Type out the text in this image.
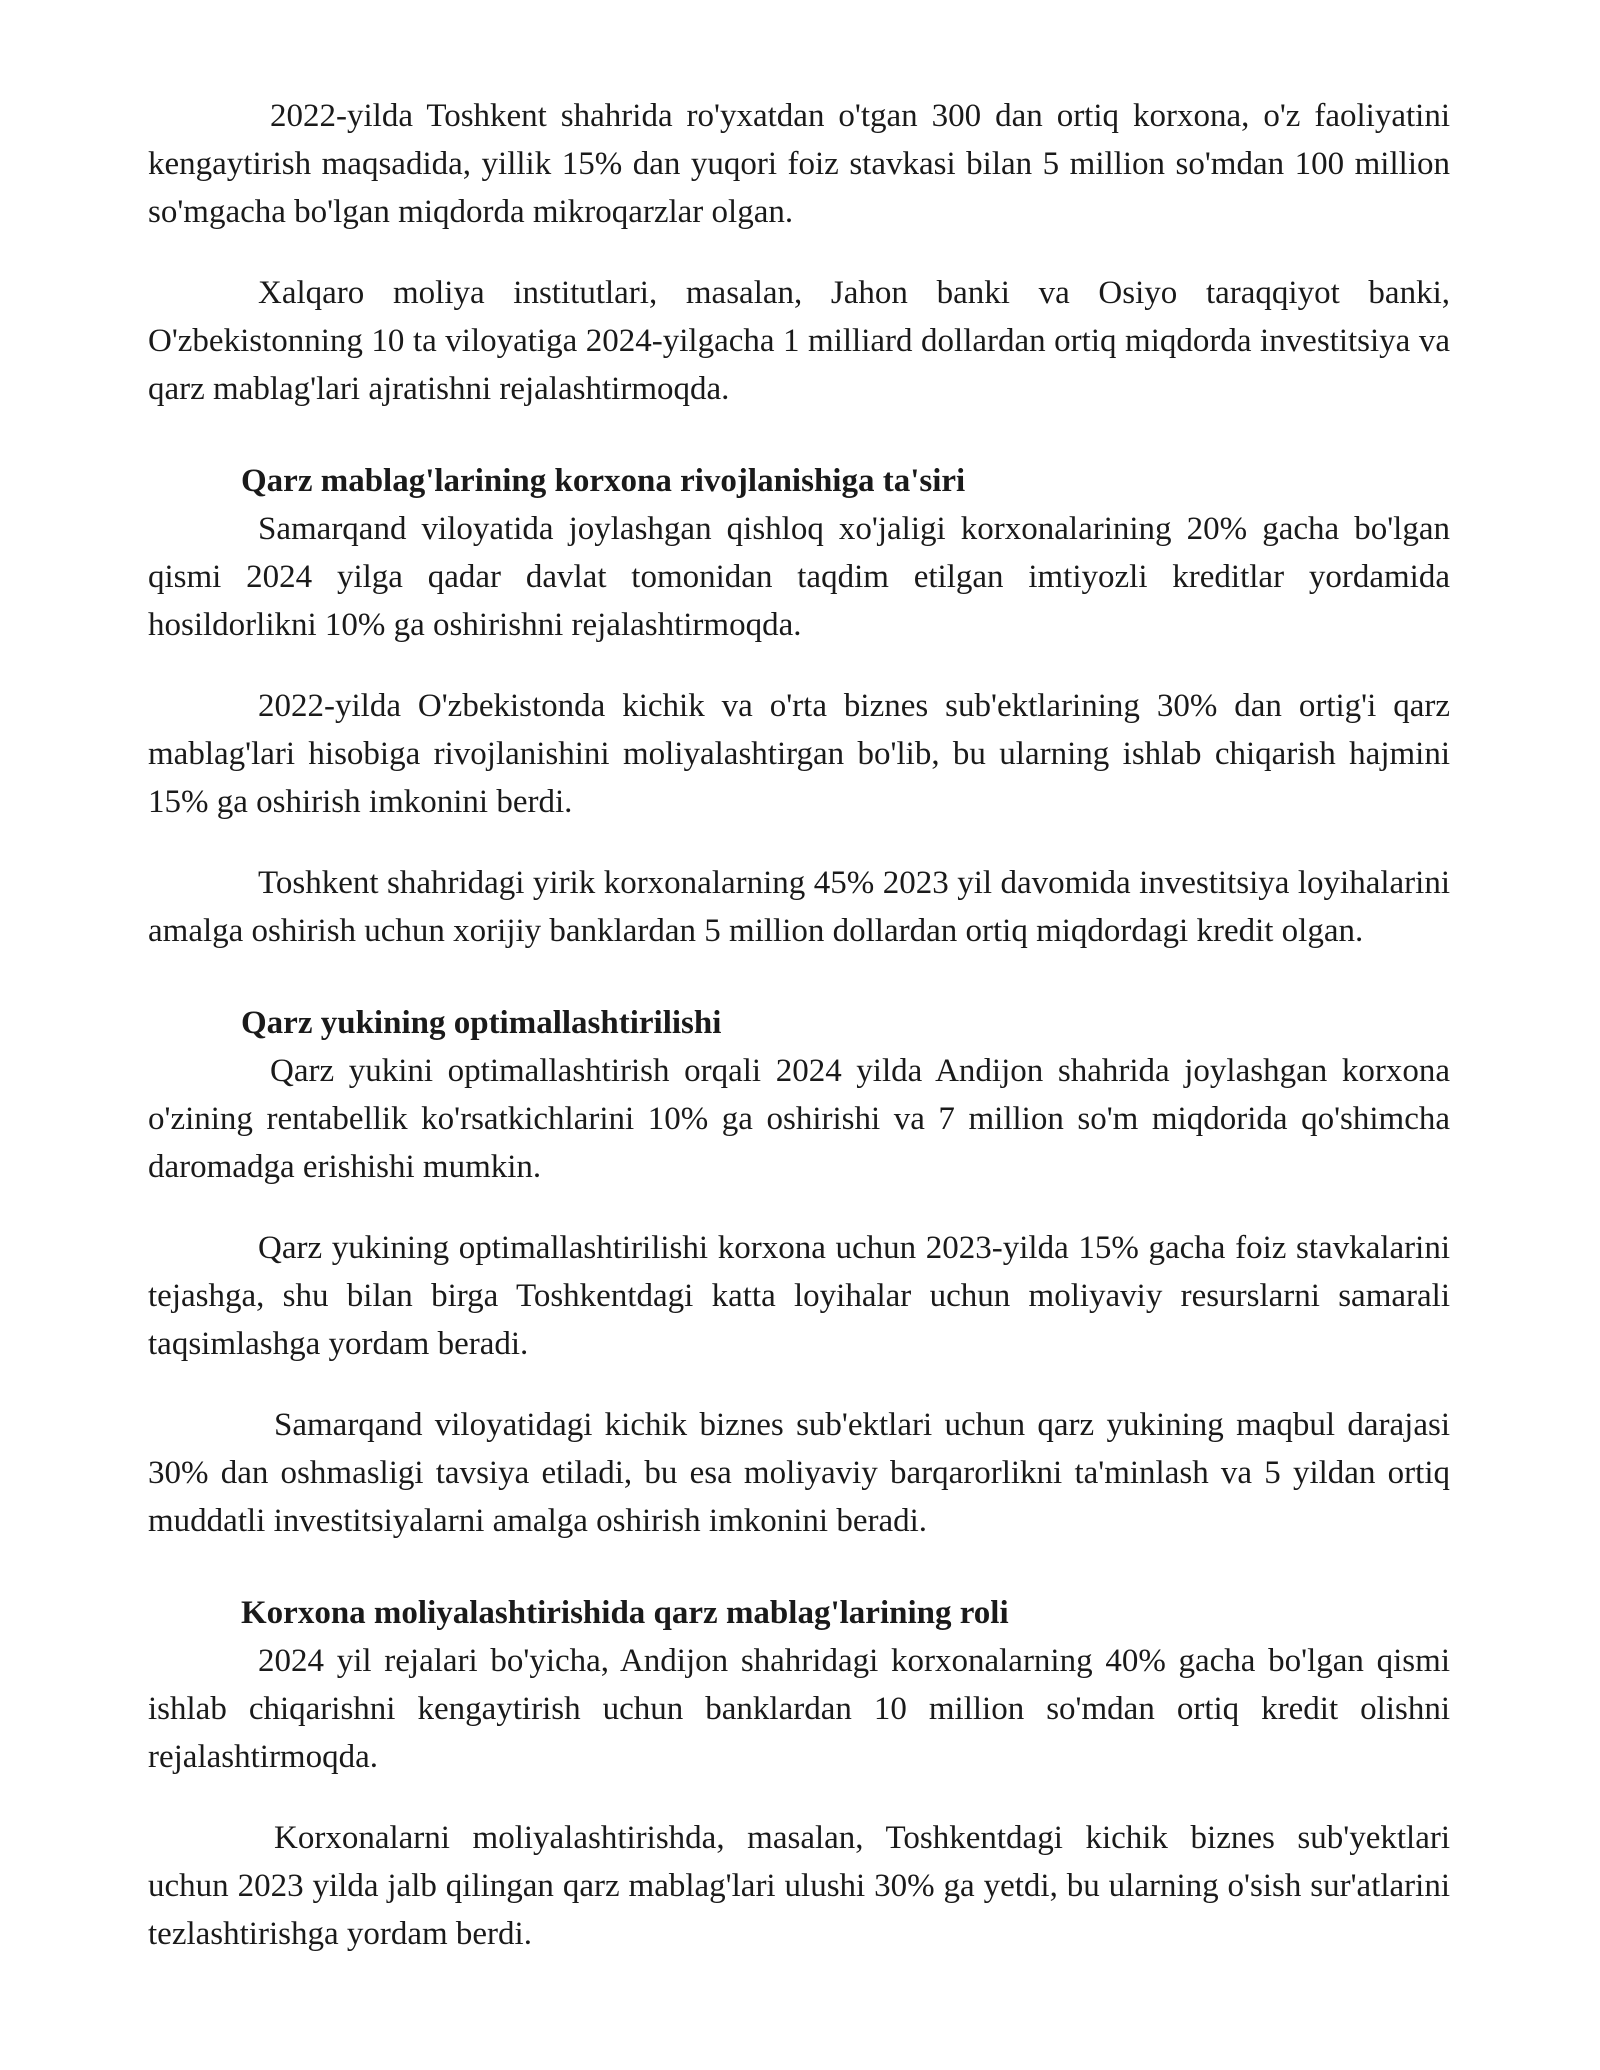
2022-yilda Toshkent shahrida ro'yxatdan o'tgan 300 dan ortiq korxona, o'z faoliyatini kengaytirish maqsadida, yillik 15% dan yuqori foiz stavkasi bilan 5 million so'mdan 100 million so'mgacha bo'lgan miqdorda mikroqarzlar olgan.

Xalqaro moliya institutlari, masalan, Jahon banki va Osiyo taraqqiyot banki, O'zbekistonning 10 ta viloyatiga 2024-yilgacha 1 milliard dollardan ortiq miqdorda investitsiya va qarz mablag'lari ajratishni rejalashtirmoqda.

Qarz mablag'larining korxona rivojlanishiga ta'siri

Samarqand viloyatida joylashgan qishloq xo'jaligi korxonalarining 20% gacha bo'lgan qismi 2024 yilga qadar davlat tomonidan taqdim etilgan imtiyozli kreditlar yordamida hosildorlikni 10% ga oshirishni rejalashtirmoqda.

2022-yilda O'zbekistonda kichik va o'rta biznes sub'ektlarining 30% dan ortig'i qarz mablag'lari hisobiga rivojlanishini moliyalashtirgan bo'lib, bu ularning ishlab chiqarish hajmini 15% ga oshirish imkonini berdi.

Toshkent shahridagi yirik korxonalarning 45% 2023 yil davomida investitsiya loyihalarini amalga oshirish uchun xorijiy banklardan 5 million dollardan ortiq miqdordagi kredit olgan.

Qarz yukining optimallashtirilishi

Qarz yukini optimallashtirish orqali 2024 yilda Andijon shahrida joylashgan korxona o'zining rentabellik ko'rsatkichlarini 10% ga oshirishi va 7 million so'm miqdorida qo'shimcha daromadga erishishi mumkin.

Qarz yukining optimallashtirilishi korxona uchun 2023-yilda 15% gacha foiz stavkalarini tejashga, shu bilan birga Toshkentdagi katta loyihalar uchun moliyaviy resurslarni samarali taqsimlashga yordam beradi.

Samarqand viloyatidagi kichik biznes sub'ektlari uchun qarz yukining maqbul darajasi 30% dan oshmasligi tavsiya etiladi, bu esa moliyaviy barqarorlikni ta'minlash va 5 yildan ortiq muddatli investitsiyalarni amalga oshirish imkonini beradi.

Korxona moliyalashtirishida qarz mablag'larining roli

2024 yil rejalari bo'yicha, Andijon shahridagi korxonalarning 40% gacha bo'lgan qismi ishlab chiqarishni kengaytirish uchun banklardan 10 million so'mdan ortiq kredit olishni rejalashtirmoqda.

Korxonalarni moliyalashtirishda, masalan, Toshkentdagi kichik biznes sub'yektlari uchun 2023 yilda jalb qilingan qarz mablag'lari ulushi 30% ga yetdi, bu ularning o'sish sur'atlarini tezlashtirishga yordam berdi.
